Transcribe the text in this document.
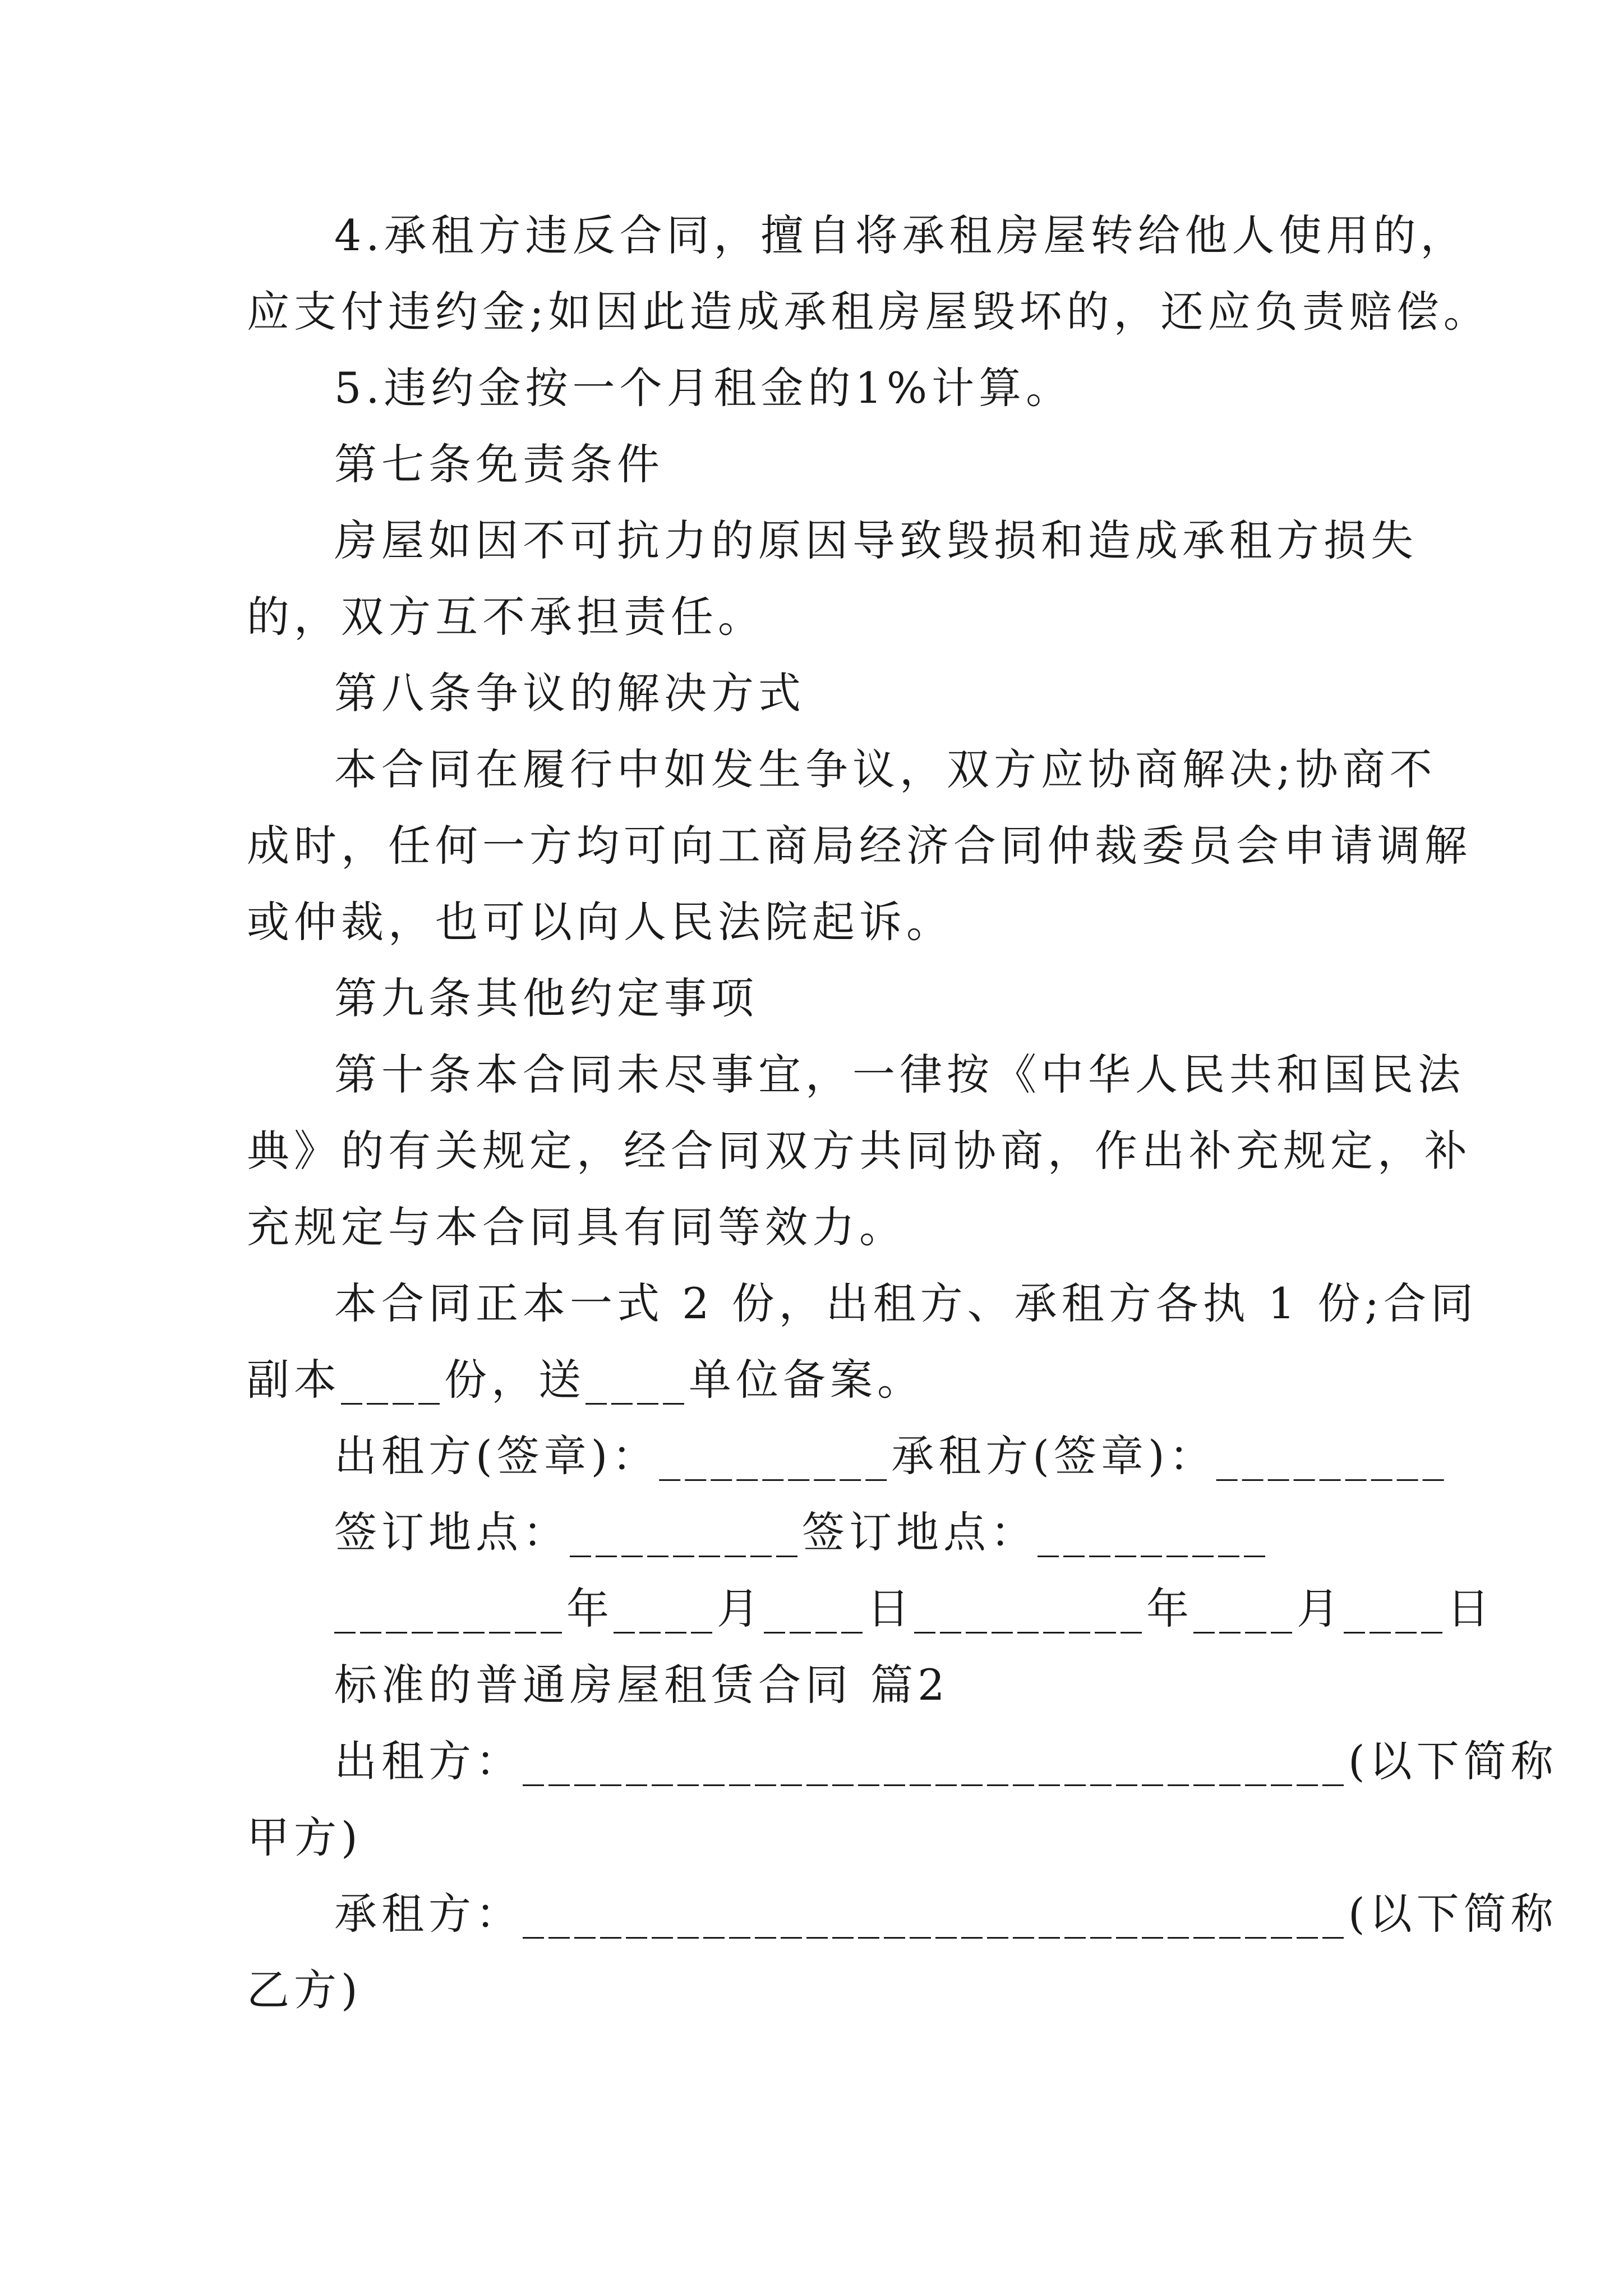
4.承租方违反合同，擅自将承租房屋转给他人使用的，
应支付违约金;如因此造成承租房屋毁坏的，还应负责赔偿。
5.违约金按一个月租金的1%计算。
第七条免责条件
房屋如因不可抗力的原因导致毁损和造成承租方损失
的，双方互不承担责任。
第八条争议的解决方式
本合同在履行中如发生争议，双方应协商解决;协商不
成时，任何一方均可向工商局经济合同仲裁委员会申请调解
或仲裁，也可以向人民法院起诉。
第九条其他约定事项
第十条本合同未尽事宜，一律按《中华人民共和国民法
典》的有关规定，经合同双方共同协商，作出补充规定，补
充规定与本合同具有同等效力。
本合同正本一式 2 份，出租方、承租方各执 1 份;合同
副本____份，送____单位备案。
出租方(签章)：_________承租方(签章)：_________
签订地点：_________签订地点：_________
_________年____月____日_________年____月____日
标准的普通房屋租赁合同 篇2
出租方：________________________________(以下简称
甲方)
承租方：________________________________(以下简称
乙方)
